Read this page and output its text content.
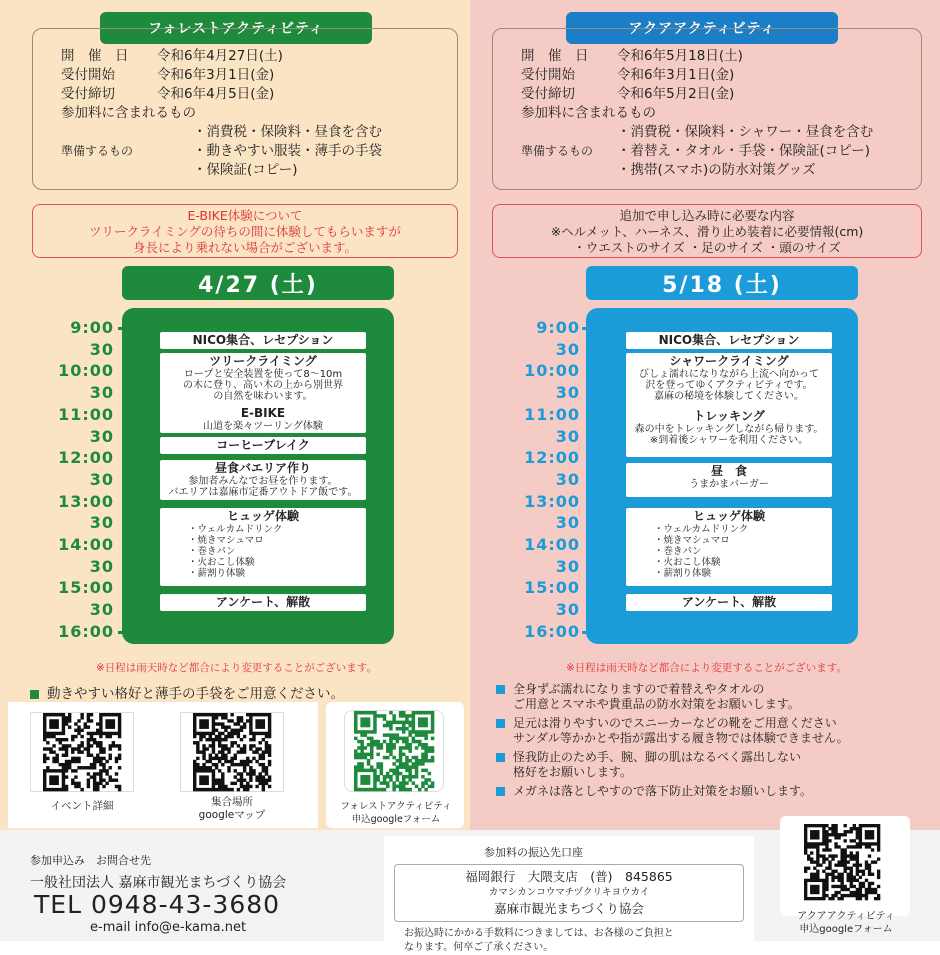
フォレストアクティビティ	アクアアクティビティ
開　催　日	令和6年4月27日(土)
受付開始	令和6年3月1日(金)
受付締切	令和6年4月5日(金)
参加料に含まれるもの
・消費税・保険料・昼食を含む
準備するもの	・動きやすい服装・薄手の手袋
・保険証(コピー)
開　催　日	令和6年5月18日(土)
受付開始	令和6年3月1日(金)
受付締切	令和6年5月2日(金)
参加料に含まれるもの
・消費税・保険料・シャワー・昼食を含む
準備するもの	・着替え・タオル・手袋・保険証(コピー)
・携帯(スマホ)の防水対策グッズ
E-BIKE体験について
ツリークライミングの待ちの間に体験してもらいますが
身長により乗れない場合がございます。
追加で申し込み時に必要な内容
※ヘルメット、ハーネス、滑り止め装着に必要情報(cm)
・ウエストのサイズ ・足のサイズ ・頭のサイズ
4/27 (土)	5/18 (土)
9:00
30
10:00
30
11:00
30
12:00
30
13:00
30
14:00
30
15:00
30
16:00
9:00
30
10:00
30
11:00
30
12:00
30
13:00
30
14:00
30
15:00
30
16:00
NICO集合、レセプション
ツリークライミング
ロープと安全装置を使って8〜10m
の木に登り、高い木の上から別世界
の自然を味わいます。
E-BIKE
山道を楽々ツーリング体験
コーヒーブレイク
昼食バエリア作り
参加者みんなでお昼を作ります。
バエリアは嘉麻市定番アウトドア飯です。
ヒュッゲ体験
・ウェルカムドリンク
・焼きマシュマロ
・巻きパン
・火おこし体験
・薪割り体験
アンケート、解散
NICO集合、レセプション
シャワークライミング
びしょ濡れになりながら上流へ向かって
沢を登ってゆくアクティビティです。
嘉麻の秘境を体験してください。
トレッキング
森の中をトレッキングしながら帰ります。
※到着後シャワーを利用ください。
昼　食
うまかまバーガー
ヒュッゲ体験
・ウェルカムドリンク
・焼きマシュマロ
・巻きパン
・火おこし体験
・薪割り体験
アンケート、解散
※日程は雨天時など都合により変更することがございます。	※日程は雨天時など都合により変更することがございます。
動きやすい格好と薄手の手袋をご用意ください。	全身ずぶ濡れになりますので着替えやタオルの
ご用意とスマホや貴重品の防水対策をお願いします。
足元は滑りやすいのでスニーカーなどの靴をご用意ください
サンダル等かかとや指が露出する履き物では体験できません。
怪我防止のため手、腕、脚の肌はなるべく露出しない
格好をお願いします。
メガネは落としやすので落下防止対策をお願いします。
イベント詳細	集合場所
googleマップ
フォレストアクティビティ
申込googleフォーム
参加申込み　お問合せ先
一般社団法人 嘉麻市観光まちづくり協会
TEL 0948-43-3680
e-mail info@e-kama.net
参加料の振込先口座
福岡銀行　大隈支店　(普)　845865
カマシカンコウマチヅクリキヨウカイ
嘉麻市観光まちづくり協会
お振込時にかかる手数料につきましては、お各様のご負担と
なります。何卒ご了承ください。
アクアアクティビティ
申込googleフォーム
